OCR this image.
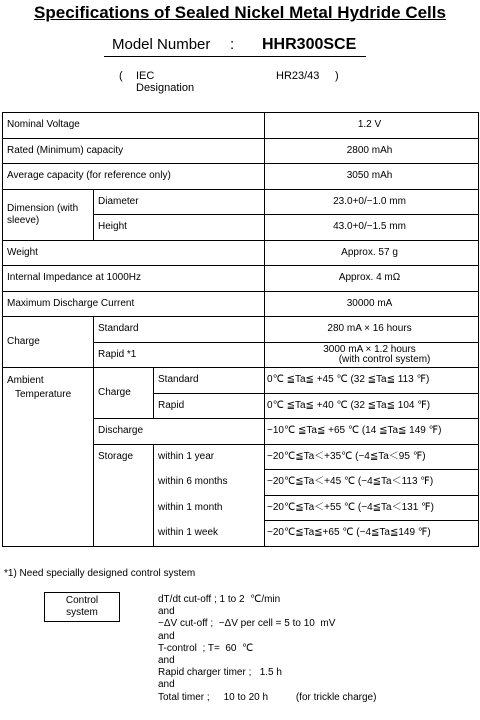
Specifications of Sealed Nickel Metal Hydride Cells
Model Number : HHR300SCE
( IEC Designation
HR23/43 )
Nominal Voltage			1.2 V
Rated (Minimum) capacity			2800 mAh
Average capacity (for reference only)			3050 mAh
Dimension (with sleeve)	Diameter		23.0+0/−1.0 mm
	Height		43.0+0/−1.5 mm
Weight			Approx. 57 g
Internal Impedance at 1000Hz			Approx. 4 mΩ
Maximum Discharge Current			30000 mA
Charge	Standard		280 mA × 16 hours
	Rapid *1		3000 mA × 1.2 hours
(with control system)

Ambient
Temperature	Charge	Standard	0℃ ≦Ta≦ +45 ℃ (32 ≦Ta≦ 113 ℉)
		Rapid	0℃ ≦Ta≦ +40 ℃ (32 ≦Ta≦ 104 ℉)
	Discharge		−10℃ ≦Ta≦ +65 ℃ (14 ≦Ta≦ 149 ℉)
	Storage	within 1 year	−20℃≦Ta＜+35℃ (−4≦Ta＜95 ℉)
		within 6 months	−20℃≦Ta＜+45 ℃ (−4≦Ta＜113 ℉)
		within 1 month	−20℃≦Ta＜+55 ℃ (−4≦Ta＜131 ℉)
		within 1 week	−20℃≦Ta≦+65 ℃ (−4≦Ta≦149 ℉)
*1) Need specially designed control system
Control
system
dT/dt cut-off ; 1 to 2  ℃/min
and
−ΔV cut-off ;  −ΔV per cell = 5 to 10  mV
and
T-control  ; T=  60  ℃
and
Rapid charger timer ;   1.5 h
and
Total timer ;     10 to 20 h          (for trickle charge)
